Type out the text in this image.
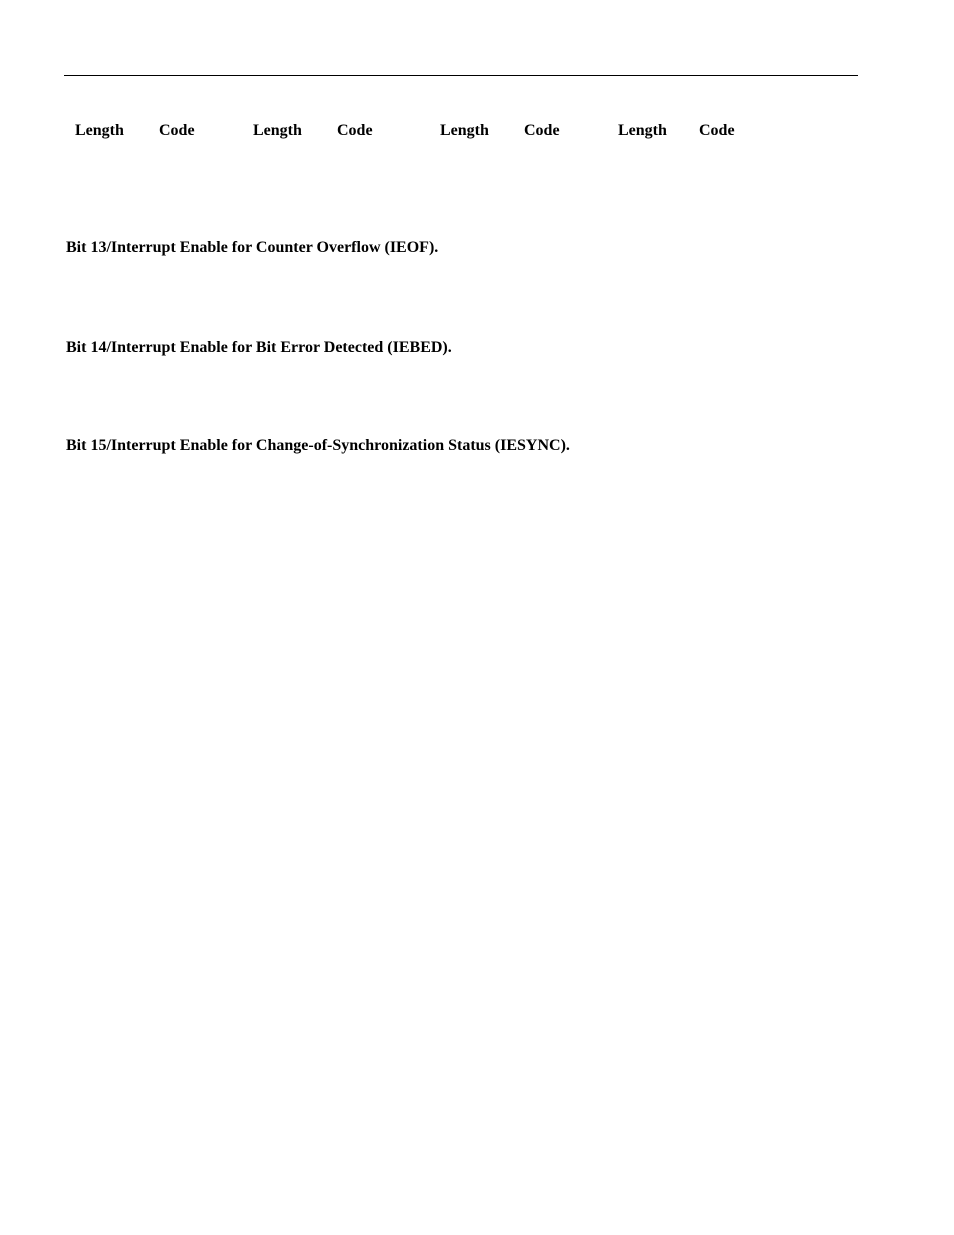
Length Code	Length Code	Length Code	Length Code
Bit 13/Interrupt Enable for Counter Overflow (IEOF).
Bit 14/Interrupt Enable for Bit Error Detected (IEBED).
Bit 15/Interrupt Enable for Change-of-Synchronization Status (IESYNC).
